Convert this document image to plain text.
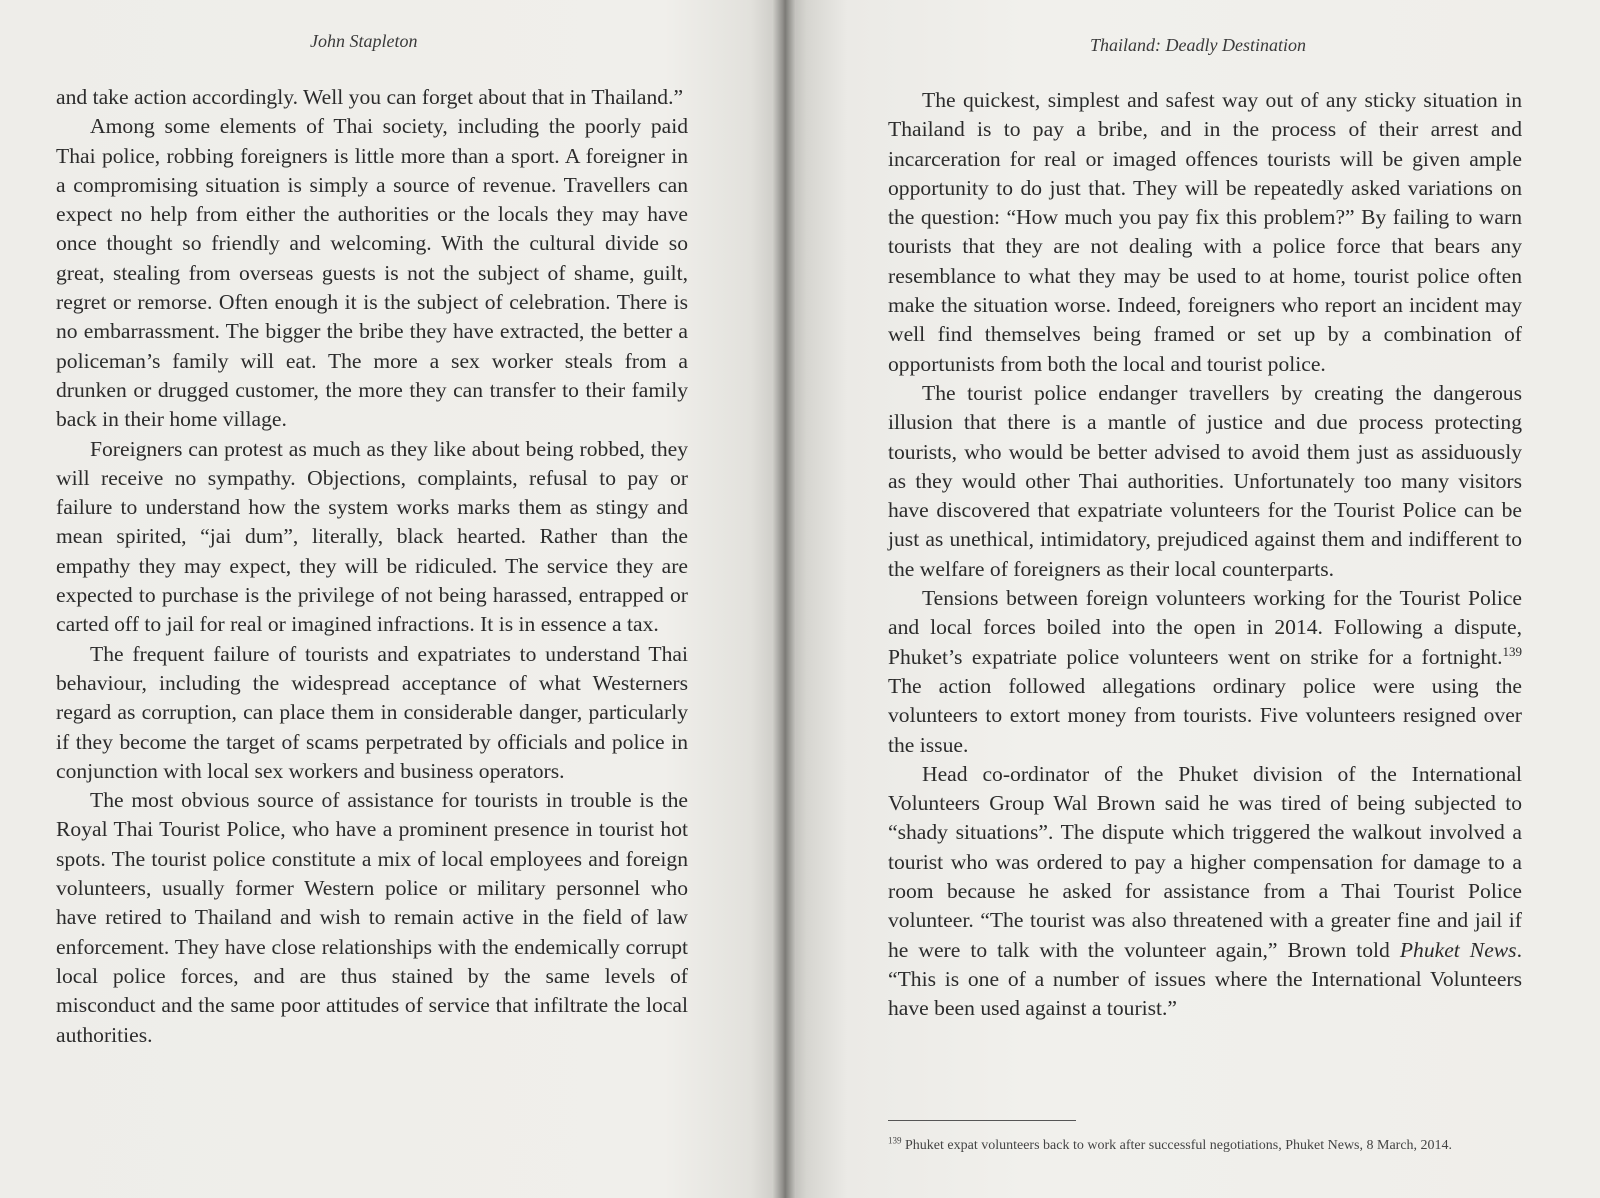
John Stapleton

and take action accordingly. Well you can forget about that in Thailand.”

Among some elements of Thai society, including the poorly paid Thai police, robbing foreigners is little more than a sport. A foreigner in a compromising situation is simply a source of revenue. Travellers can expect no help from either the authorities or the locals they may have once thought so friendly and welcoming. With the cultural divide so great, stealing from overseas guests is not the subject of shame, guilt, regret or remorse. Often enough it is the subject of celebration. There is no embarrassment. The bigger the bribe they have extracted, the better a policeman’s family will eat. The more a sex worker steals from a drunken or drugged customer, the more they can transfer to their family back in their home village.

Foreigners can protest as much as they like about being robbed, they will receive no sympathy. Objections, complaints, refusal to pay or failure to understand how the system works marks them as stingy and mean spirited, “jai dum”, literally, black hearted. Rather than the empathy they may expect, they will be ridiculed. The service they are expected to purchase is the privilege of not being harassed, entrapped or carted off to jail for real or imagined infractions. It is in essence a tax.

The frequent failure of tourists and expatriates to understand Thai behaviour, including the widespread acceptance of what Westerners regard as corruption, can place them in considerable danger, particularly if they become the target of scams perpetrated by officials and police in conjunction with local sex workers and business operators.

The most obvious source of assistance for tourists in trouble is the Royal Thai Tourist Police, who have a prominent presence in tourist hot spots. The tourist police constitute a mix of local employees and foreign volunteers, usually former Western police or military personnel who have retired to Thailand and wish to remain active in the field of law enforcement. They have close relationships with the endemically corrupt local police forces, and are thus stained by the same levels of misconduct and the same poor attitudes of service that infiltrate the local authorities.

Thailand: Deadly Destination

The quickest, simplest and safest way out of any sticky situation in Thailand is to pay a bribe, and in the process of their arrest and incarceration for real or imaged offences tourists will be given ample opportunity to do just that. They will be repeatedly asked variations on the question: “How much you pay fix this problem?” By failing to warn tourists that they are not dealing with a police force that bears any resemblance to what they may be used to at home, tourist police often make the situation worse. Indeed, foreigners who report an incident may well find themselves being framed or set up by a combination of opportunists from both the local and tourist police.

The tourist police endanger travellers by creating the dangerous illusion that there is a mantle of justice and due process protecting tourists, who would be better advised to avoid them just as assiduously as they would other Thai authorities. Unfortunately too many visitors have discovered that expatriate volunteers for the Tourist Police can be just as unethical, intimidatory, prejudiced against them and indifferent to the welfare of foreigners as their local counterparts.

Tensions between foreign volunteers working for the Tourist Police and local forces boiled into the open in 2014. Following a dispute, Phuket’s expatriate police volunteers went on strike for a fortnight.$^{139}$ The action followed allegations ordinary police were using the volunteers to extort money from tourists. Five volunteers resigned over the issue.

Head co-ordinator of the Phuket division of the International Volunteers Group Wal Brown said he was tired of being subjected to “shady situations”. The dispute which triggered the walkout involved a tourist who was ordered to pay a higher compensation for damage to a room because he asked for assistance from a Thai Tourist Police volunteer. “The tourist was also threatened with a greater fine and jail if he were to talk with the volunteer again,” Brown told Phuket News. “This is one of a number of issues where the International Volunteers have been used against a tourist.”

$^{139}$ Phuket expat volunteers back to work after successful negotiations, Phuket News, 8 March, 2014.
